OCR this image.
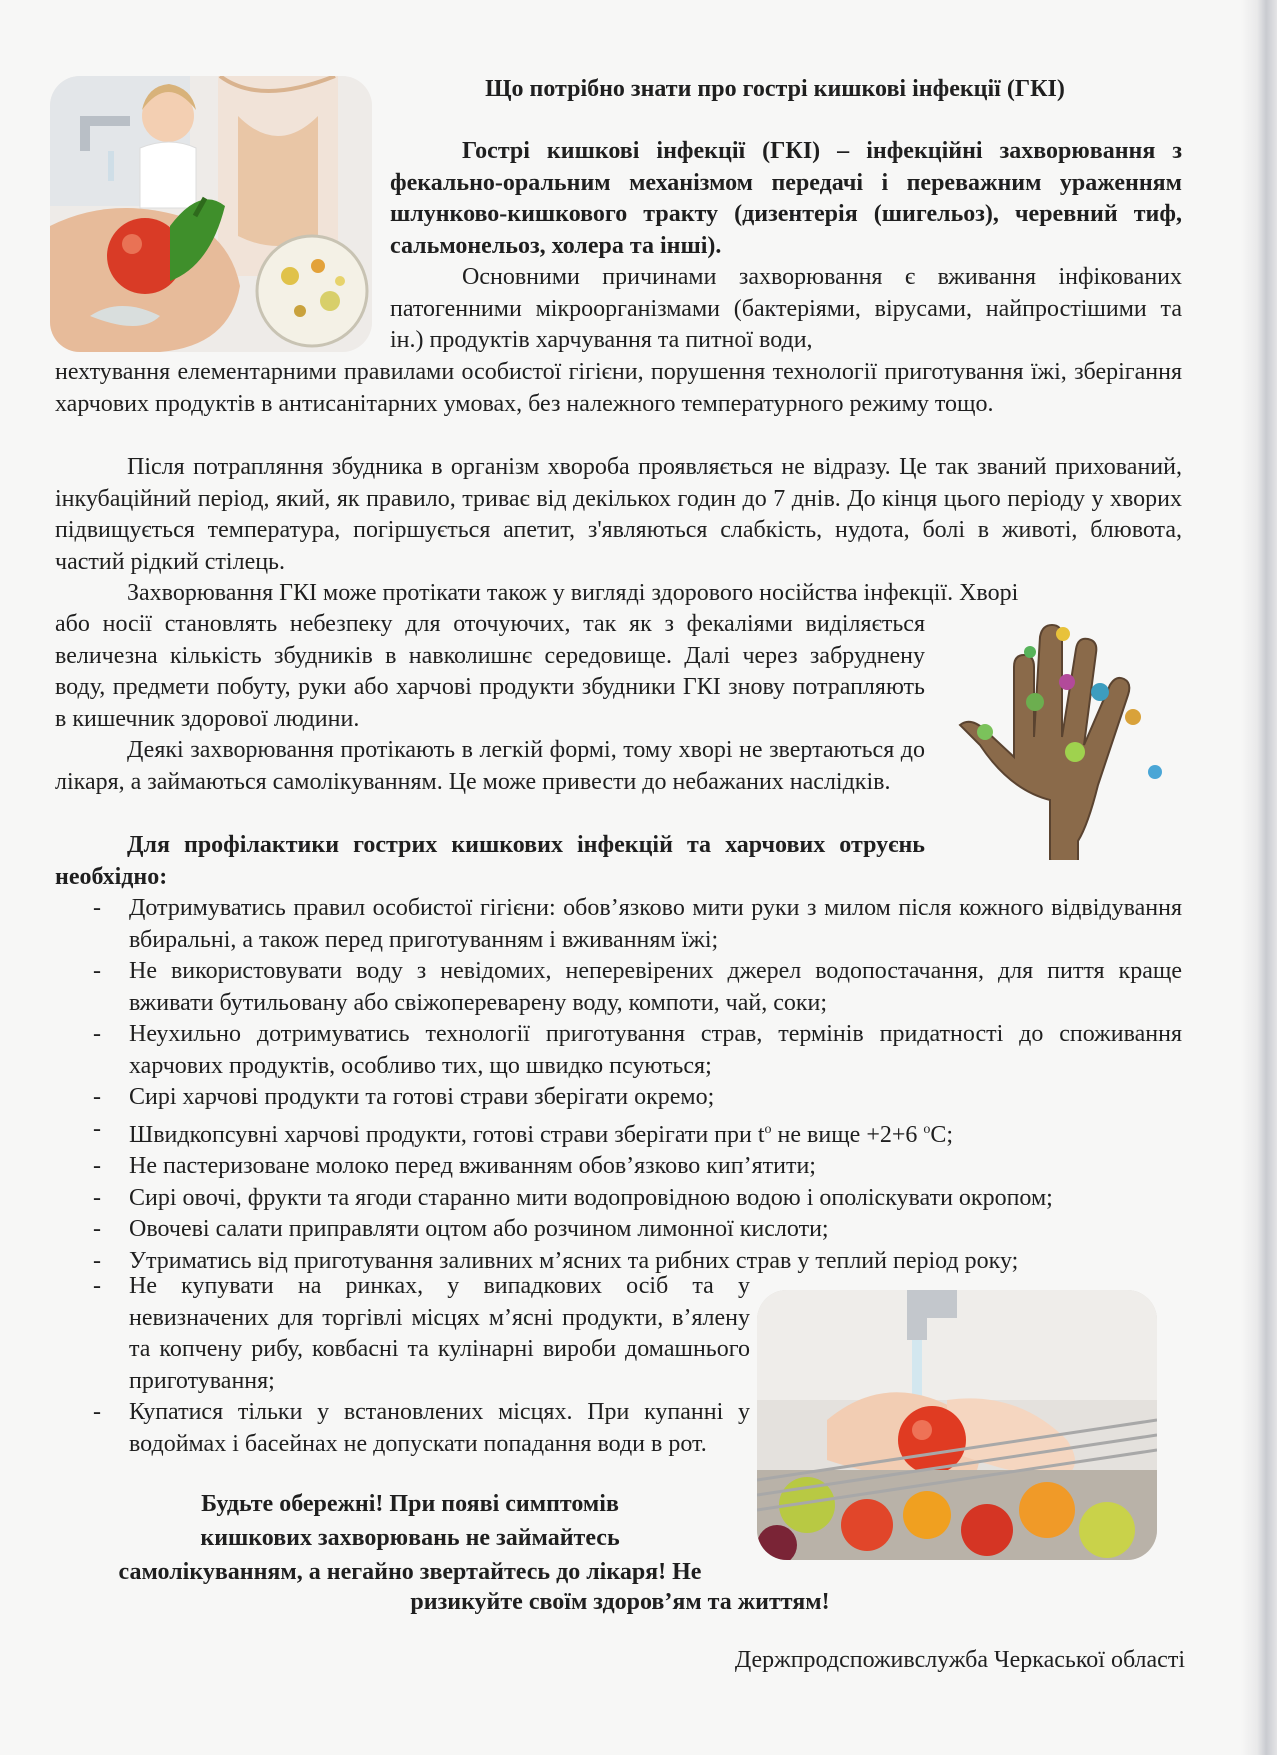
Що потрібно знати про гострі кишкові інфекції (ГКІ)
Гострі кишкові інфекції (ГКІ) – інфекційні захворювання з фекально-оральним механізмом передачі і переважним ураженням шлунково-кишкового тракту (дизентерія (шигельоз), черевний тиф, сальмонельоз, холера та інші).
Основними причинами захворювання є вживання інфікованих патогенними мікроорганізмами (бактеріями, вірусами, найпростішими та ін.) продуктів харчування та питної води,
нехтування елементарними правилами особистої гігієни, порушення технології приготування їжі, зберігання харчових продуктів в антисанітарних умовах, без належного температурного режиму тощо.
Після потрапляння збудника в організм хвороба проявляється не відразу. Це так званий прихований, інкубаційний період, який, як правило, триває від декількох годин до 7 днів. До кінця цього періоду у хворих підвищується температура, погіршується апетит, з'являються слабкість, нудота, болі в животі, блювота, частий рідкий стілець.
Захворювання ГКІ може протікати також у вигляді здорового носійства інфекції. Хворі
або носії становлять небезпеку для оточуючих, так як з фекаліями виділяється величезна кількість збудників в навколишнє середовище. Далі через забруднену воду, предмети побуту, руки або харчові продукти збудники ГКІ знову потрапляють в кишечник здорової людини.
Деякі захворювання протікають в легкій формі, тому хворі не звертаються до лікаря, а займаються самолікуванням. Це може привести до небажаних наслідків.
Для профілактики гострих кишкових інфекцій та харчових отруєнь необхідно:
- Дотримуватись правил особистої гігієни: обов’язково мити руки з милом після кожного відвідування вбиральні, а також перед приготуванням і вживанням їжі;
- Не використовувати воду з невідомих, неперевірених джерел водопостачання, для пиття краще вживати бутильовану або свіжопереварену воду, компоти, чай, соки;
- Неухильно дотримуватись технології приготування страв, термінів придатності до споживання харчових продуктів, особливо тих, що швидко псуються;
- Сирі харчові продукти та готові страви зберігати окремо;
- Швидкопсувні харчові продукти, готові страви зберігати при $t^о$ не вище +2+6 $^о$С;
- Не пастеризоване молоко перед вживанням обов’язково кип’ятити;
- Сирі овочі, фрукти та ягоди старанно мити водопровідною водою і ополіскувати окропом;
- Овочеві салати приправляти оцтом або розчином лимонної кислоти;
- Утриматись від приготування заливних м’ясних та рибних страв у теплий період року;
- Не купувати на ринках, у випадкових осіб та у невизначених для торгівлі місцях м’ясні продукти, в’ялену та копчену рибу, ковбасні та кулінарні вироби домашнього приготування;
- Купатися тільки у встановлених місцях. При купанні у водоймах і басейнах не допускати попадання води в рот.
Будьте обережні! При появі симптомів
кишкових захворювань не займайтесь
самолікуванням, а негайно звертайтесь до лікаря! Не
ризикуйте своїм здоров’ям та життям!
Держпродспоживслужба Черкаської області
